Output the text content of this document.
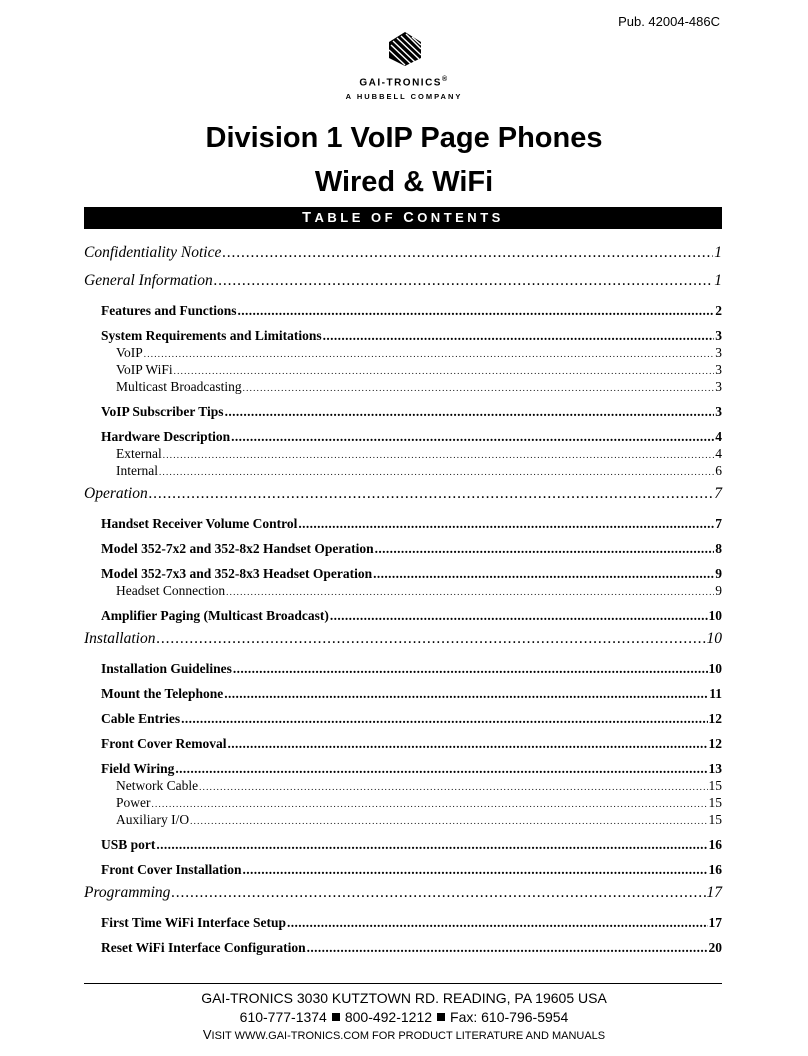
Pub. 42004-486C
GAI-TRONICS®
A HUBBELL COMPANY
Division 1 VoIP Page Phones
Wired & WiFi
TABLE OF CONTENTS
Confidentiality Notice . . .	1
General Information . . .	1
Features and Functions . . .	2
System Requirements and Limitations . . .	3
VoIP . . .	3
VoIP WiFi . . .	3
Multicast Broadcasting . . .	3
VoIP Subscriber Tips . . .	3
Hardware Description . . .	4
External . . .	4
Internal . . .	6
Operation . . .	7
Handset Receiver Volume Control . . .	7
Model 352-7x2 and 352-8x2 Handset Operation . . .	8
Model 352-7x3 and 352-8x3 Headset Operation . . .	9
Headset Connection . . .	9
Amplifier Paging (Multicast Broadcast) . . .	10
Installation . . .	10
Installation Guidelines . . .	10
Mount the Telephone . . .	11
Cable Entries . . .	12
Front Cover Removal . . .	12
Field Wiring . . .	13
Network Cable . . .	15
Power . . .	15
Auxiliary I/O . . .	15
USB port . . .	16
Front Cover Installation . . .	16
Programming . . .	17
First Time WiFi Interface Setup . . .	17
Reset WiFi Interface Configuration . . .	20
GAI-TRONICS 3030 KUTZTOWN RD. READING, PA 19605 USA
610-777-1374 800-492-1212 Fax: 610-796-5954
VISIT WWW.GAI-TRONICS.COM FOR PRODUCT LITERATURE AND MANUALS
